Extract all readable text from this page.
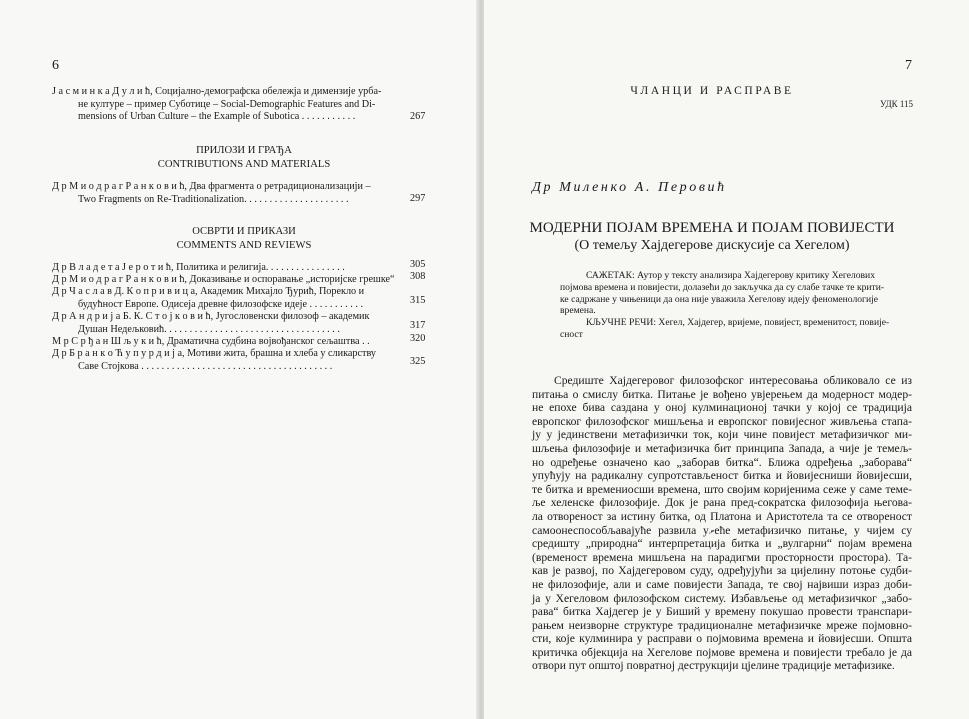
6
Ј а с м и н к а Д у л и ћ, Социјално-демографска обележја и димензије урба-
не културе – пример Суботице – Social-Demographic Features and Di-
mensions of Urban Culture – the Example of Subotica . . . . . . . . . . .	267
ПРИЛОЗИ И ГРАЂА
CONTRIBUTIONS AND MATERIALS
Д р М и о д р а г Р а н к о в и ћ, Два фрагмента о ретрадиционализацији –
Two Fragments on Re-Traditionalization. . . . . . . . . . . . . . . . . . . . .	297
ОСВРТИ И ПРИКАЗИ
COMMENTS AND REVIEWS
Д р В л а д е т а Ј е р о т и ћ, Политика и религија. . . . . . . . . . . . . . . .	305
Д р М и о д р а г Р а н к о в и ћ, Доказивање и оспоравање „историјске грешке“	308
Д р Ч а с л а в Д. К о п р и в и ц а, Академик Михајло Ђурић, Порекло и
будућност Европе. Одисеја древне филозофске идеје . . . . . . . . . . .	315
Д р А н д р и ј а Б. К. С т о ј к о в и ћ, Југословенски филозоф – академик
Душан Недељковић. . . . . . . . . . . . . . . . . . . . . . . . . . . . . . . . . . .	317
М р С р ђ а н Ш љ у к и ћ, Драматична судбина војвођанског сељаштва . .	320
Д р Б р а н к о Ћ у п у р д и ј а, Мотиви жита, брашна и хлеба у сликарству
Саве Стојкова . . . . . . . . . . . . . . . . . . . . . . . . . . . . . . . . . . . . . .	325
7
ЧЛАНЦИ И РАСПРАВЕ
УДК 115
Др Миленко А. Перовић
МОДЕРНИ ПОЈАМ ВРЕМЕНА И ПОЈАМ ПОВИЈЕСТИ
(О темељу Хајдегерове дискусије са Хегелом)
САЖЕТАК: Аутор у тексту анализира Хајдегерову критику Хегелових
појмова времена и повијести, долазећи до закључка да су слабе тачке те крити-
ке садржане у чињеници да она није уважила Хегелову идеју феноменологије
времена.
КЉУЧНЕ РЕЧИ: Хегел, Хајдегер, вријеме, повијест, временитост, повије-
сност
Средиште Хајдегеровог филозофског интересовања обликовало се из
питања о смислу битка. Питање је вођено увјерењем да модерност модер-
не епохе бива саздана у оној кулминационој тачки у којој се традиција
европског филозофског мишљења и европског повијесног живљења стапа-
ју у јединствени метафизички ток, који чине повијест метафизичког ми-
шљења филозофије и метафизичка бит принципа Запада, а чије је темељ-
но одређење означено као „заборав битка“. Ближа одређења „заборава“
упућују на радикалну супротстављеност битка и йовијесниши йовијесши,
те битка и времениосши времена, што својим коријенима сеже у саме теме-
ље хеленске филозофије. Док је рана пред-сократска филозофија његова-
ла отвореност за истину битка, од Платона и Аристотела та се отвореност
самоонеспособљавајуће развила уވеће метафизичко питање, у чијем су
средишту „природна“ интерпретација битка и „вулгарни“ појам времена
(временост времена мишљена на парадигми просторности простора). Та-
кав је развој, по Хајдегеровом суду, одређујући за цијелину потоње судби-
не филозофије, али и саме повијести Запада, те свој највиши израз доби-
ја у Хегеловом филозофском систему. Избављење од метафизичког „забо-
рава“ битка Хајдегер је у Биший у времену покушао провести транспари-
рањем неизворне структуре традиционалне метафизичке мреже појмовно-
сти, које кулминира у расправи о појмовима времена и йовијесши. Општа
критичка објекција на Хегелове појмове времена и повијести требало је да
отвори пут општој повратној деструкцији цјелине традиције метафизике.
